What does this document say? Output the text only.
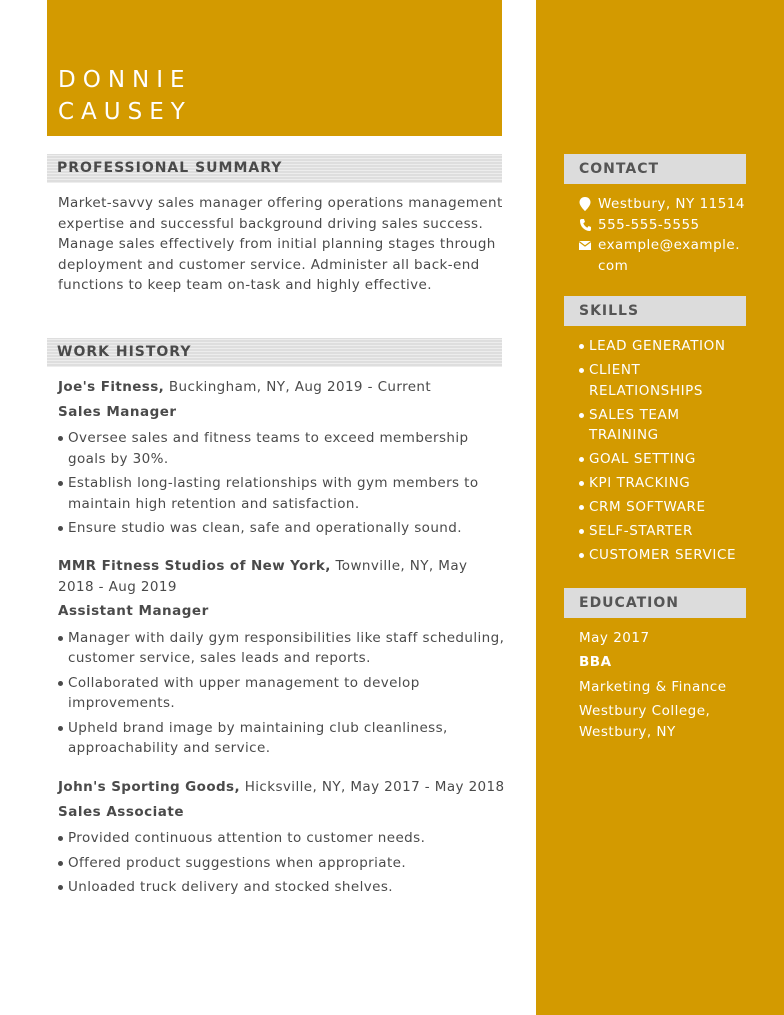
DONNIE
CAUSEY
PROFESSIONAL SUMMARY
Market-savvy sales manager offering operations management expertise and successful background driving sales success. Manage sales effectively from initial planning stages through deployment and customer service. Administer all back-end functions to keep team on-task and highly effective.
WORK HISTORY
Joe's Fitness, Buckingham, NY, Aug 2019 - Current
Sales Manager
Oversee sales and fitness teams to exceed membership goals by 30%.
Establish long-lasting relationships with gym members to maintain high retention and satisfaction.
Ensure studio was clean, safe and operationally sound.
MMR Fitness Studios of New York, Townville, NY, May 2018 - Aug 2019
Assistant Manager
Manager with daily gym responsibilities like staff scheduling, customer service, sales leads and reports.
Collaborated with upper management to develop improvements.
Upheld brand image by maintaining club cleanliness, approachability and service.
John's Sporting Goods, Hicksville, NY, May 2017 - May 2018
Sales Associate
Provided continuous attention to customer needs.
Offered product suggestions when appropriate.
Unloaded truck delivery and stocked shelves.
CONTACT
Westbury, NY 11514
555-555-5555
example@example.com
SKILLS
LEAD GENERATION
CLIENT RELATIONSHIPS
SALES TEAM TRAINING
GOAL SETTING
KPI TRACKING
CRM SOFTWARE
SELF-STARTER
CUSTOMER SERVICE
EDUCATION
May 2017
BBA
Marketing & Finance
Westbury College, Westbury, NY
